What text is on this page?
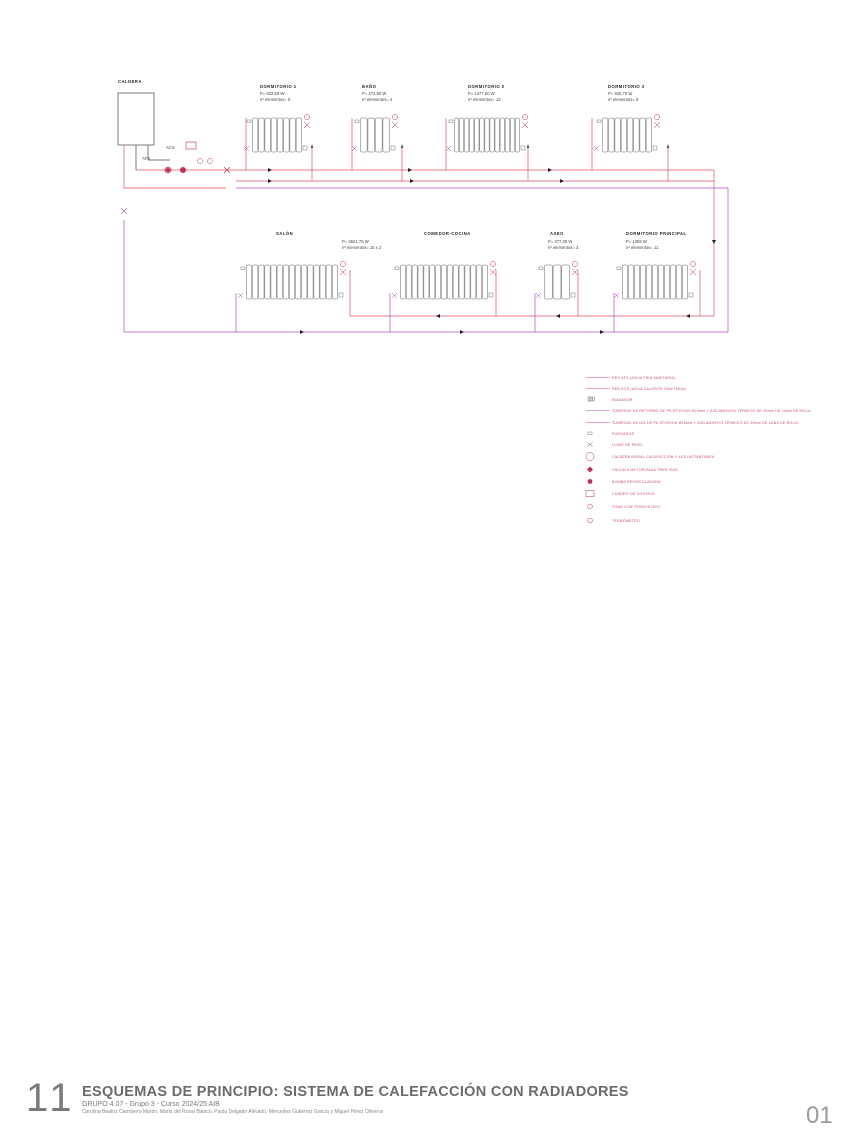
CALDERA
ACS
AFS
DORMITORIO 1
P= 922,50 W
nº elementos= 8
BAÑO
P= 472,50 W
nº elementos= 4
DORMITORIO 2
P= 1477,50 W
nº elementos= 13
DORMITORIO 3
P= 930,75 W
nº elementos= 8
SALÓN
P= 3621,75 W
nº elementos= 15 x 2
COMEDOR-COCINA	ASEO
P= 377,30 W
nº elementos= 3
DORMITORIO PRINCIPAL
P= 1259 W
nº elementos= 11
RED AFS (AGUA FRÍA SANITARIA)
RED ACS (AGUA CALIENTE SANITARIA)
RADIADOR
TUBERÍAS DE RETORNO DE PE-RT/EVOH Ø16mm Y AISLAMIENTO TÉRMICO DE 25mm DE LANA DE ROCA
TUBERÍAS DE IDA DE PE-RT/EVOH Ø16mm Y AISLAMIENTO TÉRMICO DE 25mm DE LANA DE ROCA
PURGADOR
LLAVE DE PASO
CALDERA MURAL CALEFACCIÓN Y ACS INSTANTÁNEA
VÁLVULA MOTORIZADA TRES VÍAS
BOMBA RECIRCULADORA
CUADRO DE CONTROL
TOMA CON TERMOSTATO
TERMÓMETRO
11 ESQUEMAS DE PRINCIPIO: SISTEMA DE CALEFACCIÓN CON RADIADORES
GRUPO 4.07 - Grupo 3 - Curso 2024/25 AIB
Carolina Beatriz Carrobero Martín, María del Rosal Blanco, Paula Delgado Alkvado, Mercedes Gutiérrez García y Miguel Pérez Oliveros	01
